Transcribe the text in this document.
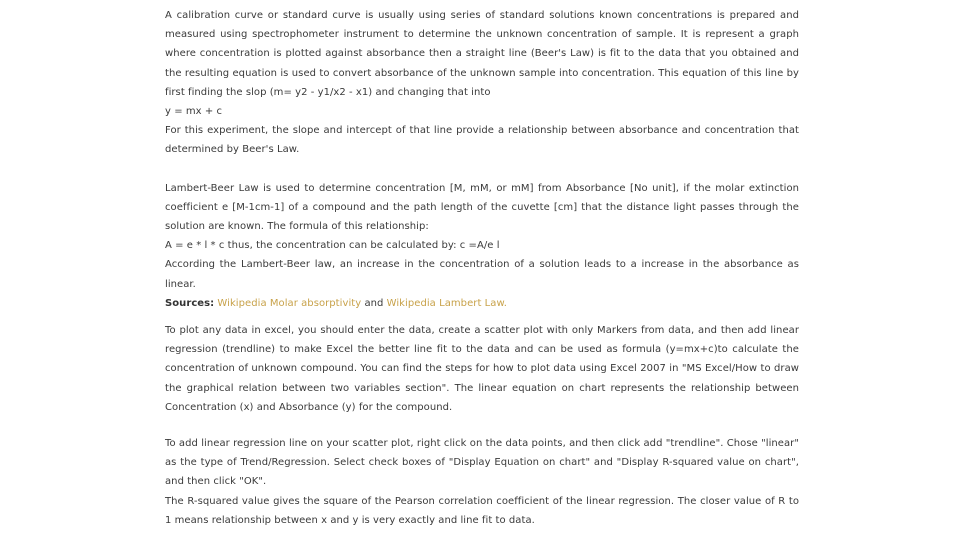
A calibration curve or standard curve is usually using series of standard solutions known concentrations is prepared and measured using spectrophometer instrument to determine the unknown concentration of sample. It is represent a graph where concentration is plotted against absorbance then a straight line (Beer's Law) is fit to the data that you obtained and the resulting equation is used to convert absorbance of the unknown sample into concentration. This equation of this line by first finding the slop (m= y2 - y1/x2 - x1) and changing that into

y = mx + c

For this experiment, the slope and intercept of that line provide a relationship between absorbance and concentration that determined by Beer's Law.

Lambert-Beer Law is used to determine concentration [M, mM, or mM] from Absorbance [No unit], if the molar extinction coefficient e [M-1cm-1] of a compound and the path length of the cuvette [cm] that the distance light passes through the solution are known. The formula of this relationship:

A = e * l * c thus, the concentration can be calculated by: c =A/e l

According the Lambert-Beer law, an increase in the concentration of a solution leads to a increase in the absorbance as linear.

Sources: Wikipedia Molar absorptivity and Wikipedia Lambert Law.

To plot any data in excel, you should enter the data, create a scatter plot with only Markers from data, and then add linear regression (trendline) to make Excel the better line fit to the data and can be used as formula (y=mx+c)to calculate the concentration of unknown compound. You can find the steps for how to plot data using Excel 2007 in "MS Excel/How to draw the graphical relation between two variables section". The linear equation on chart represents the relationship between Concentration (x) and Absorbance (y) for the compound.

To add linear regression line on your scatter plot, right click on the data points, and then click add "trendline". Chose "linear" as the type of Trend/Regression. Select check boxes of "Display Equation on chart" and "Display R-squared value on chart", and then click "OK".

The R-squared value gives the square of the Pearson correlation coefficient of the linear regression. The closer value of R to 1 means relationship between x and y is very exactly and line fit to data.
